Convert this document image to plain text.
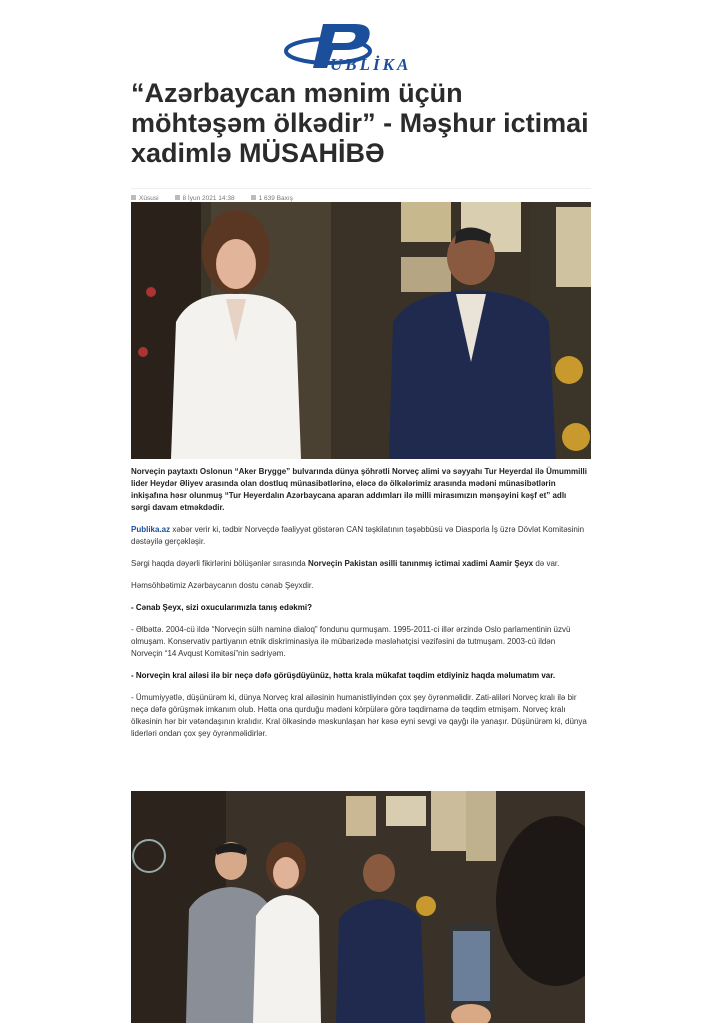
UBLİKA
“Azərbaycan mənim üçün möhtəşəm ölkədir” - Məşhur ictimai xadimlə MÜSAHİBƏ
Xüsusi	8 İyun 2021 14:38	1 639 Baxış

Norveçin paytaxtı Oslonun “Aker Brygge” bulvarında dünya şöhrətli Norveç alimi və səyyahı Tur Heyerdal ilə Ümummilli lider Heydər Əliyev arasında olan dostluq münasibətlərinə, eləcə də ölkələrimiz arasında mədəni münasibətlərin inkişafına həsr olunmuş “Tur Heyerdalın Azərbaycana aparan addımları ilə milli mirasımızın mənşəyini kəşf et” adlı sərgi davam etməkdədir.

Publika.az xəbər verir ki, tədbir Norveçdə fəaliyyət göstərən CAN təşkilatının təşəbbüsü və Diasporla İş üzrə Dövlət Komitəsinin dəstəyilə gerçəkləşir.

Sərgi haqda dəyərli fikirlərini bölüşənlər sırasında Norveçin Pakistan əsilli tanınmış ictimai xadimi Aamir Şeyx də var.

Həmsöhbətimiz Azərbaycanın dostu cənab Şeyxdir.

- Cənab Şeyx, sizi oxucularımızla tanış edəkmi?

- Əlbəttə. 2004-cü ildə “Norveçin sülh naminə dialoq” fondunu qurmuşam. 1995-2011-ci illər ərzində Oslo parlamentinin üzvü olmuşam. Konservativ partiyanın etnik diskriminasiya ilə mübarizədə məsləhətçisi vəzifəsini də tutmuşam. 2003-cü ildən Norveçin “14 Avqust Komitəsi”nin sədriyəm.

- Norveçin kral ailəsi ilə bir neçə dəfə görüşdüyünüz, hətta krala mükafat təqdim etdiyiniz haqda məlumatım var.

- Ümumiyyətlə, düşünürəm ki, dünya Norveç kral ailəsinin humanistliyindən çox şey öyrənməlidir. Zati-aliləri Norveç kralı ilə bir neçə dəfə görüşmək imkanım olub. Hətta ona qurduğu mədəni körpülərə görə təqdirnamə də təqdim etmişəm. Norveç kralı ölkəsinin hər bir vətəndaşının kralıdır. Kral ölkəsində məskunlaşan hər kəsə eyni sevgi və qayğı ilə yanaşır. Düşünürəm ki, dünya liderləri ondan çox şey öyrənməlidirlər.
